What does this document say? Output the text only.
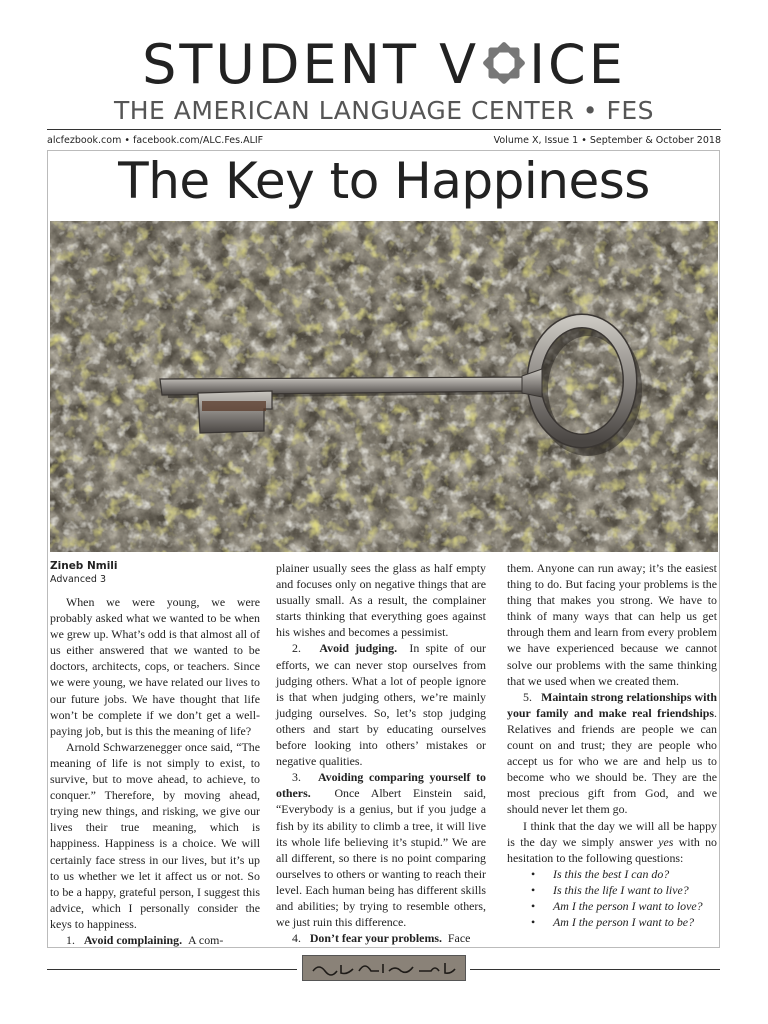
STUDENT V ICE
THE AMERICAN LANGUAGE CENTER • FES
alcfezbook.com • facebook.com/ALC.Fes.ALIF	Volume X, Issue 1 • September & October 2018
The Key to Happiness

Zineb Nmili

Advanced 3

When we were young, we were probably asked what we wanted to be when we grew up. What’s odd is that almost all of us either answered that we wanted to be doctors, architects, cops, or teachers. Since we were young, we have related our lives to our future jobs. We have thought that life won’t be complete if we don’t get a well-paying job, but is this the meaning of life?

Arnold Schwarzenegger once said, “The meaning of life is not simply to exist, to survive, but to move ahead, to achieve, to conquer.” Therefore, by moving ahead, trying new things, and risking, we give our lives their true meaning, which is happiness. Happiness is a choice. We will certainly face stress in our lives, but it’s up to us whether we let it affect us or not. So to be a happy, grateful person, I suggest this advice, which I personally consider the keys to happiness.

1. Avoid complaining. A com-

plainer usually sees the glass as half empty and focuses only on negative things that are usually small. As a result, the complainer starts thinking that everything goes against his wishes and becomes a pessimist.

2. Avoid judging. In spite of our efforts, we can never stop ourselves from judging others. What a lot of people ignore is that when judging others, we’re mainly judging ourselves. So, let’s stop judging others and start by educating ourselves before looking into others’ mistakes or negative qualities.

3. Avoiding comparing yourself to others. Once Albert Einstein said, “Everybody is a genius, but if you judge a fish by its ability to climb a tree, it will live its whole life believing it’s stupid.” We are all different, so there is no point comparing ourselves to others or wanting to reach their level. Each human being has different skills and abilities; by trying to resemble others, we just ruin this difference.

4. Don’t fear your problems. Face

them. Anyone can run away; it’s the easiest thing to do. But facing your problems is the thing that makes you strong. We have to think of many ways that can help us get through them and learn from every problem we have experienced because we cannot solve our problems with the same thinking that we used when we created them.

5. Maintain strong relationships with your family and make real friendships. Relatives and friends are people we can count on and trust; they are people who accept us for who we are and help us to become who we should be. They are the most precious gift from God, and we should never let them go.

I think that the day we will all be happy is the day we simply answer yes with no hesitation to the following questions:

• Is this the best I can do?
• Is this the life I want to live?
• Am I the person I want to love?
• Am I the person I want to be?
